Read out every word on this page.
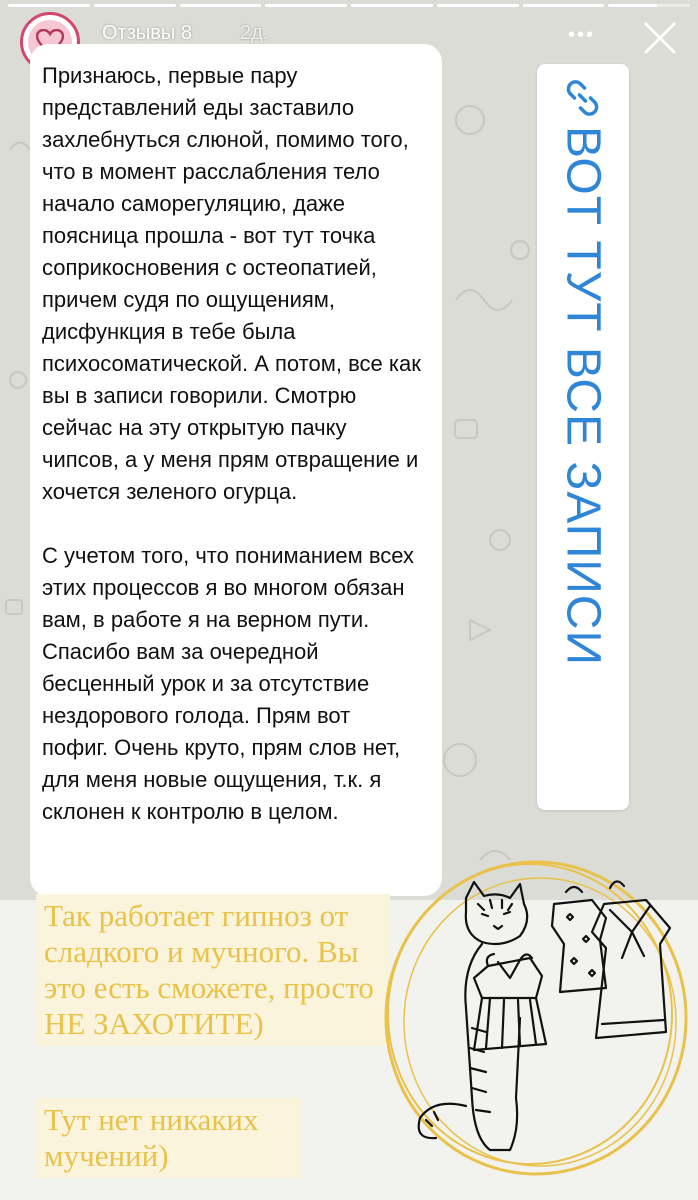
Отзывы 8 2д.	•••
Признаюсь, первые пару представлений еды заставило захлебнуться слюной, помимо того, что в момент расслабления тело начало саморегуляцию, даже поясница прошла - вот тут точка соприкосновения с остеопатией, причем судя по ощущениям, дисфункция в тебе была психосоматической. А потом, все как вы в записи говорили. Смотрю сейчас на эту открытую пачку чипсов, а у меня прям отвращение и хочется зеленого огурца.

С учетом того, что пониманием всех этих процессов я во многом обязан вам, в работе я на верном пути. Спасибо вам за очередной бесценный урок и за отсутствие нездорового голода. Прям вот пофиг. Очень круто, прям слов нет, для меня новые ощущения, т.к. я склонен к контролю в целом.
ВОТ ТУТ ВСЕ ЗАПИСИ
Так работает гипноз от сладкого и мучного. Вы это есть сможете, просто НЕ ЗАХОТИТЕ)
Тут нет никаких мучений)
